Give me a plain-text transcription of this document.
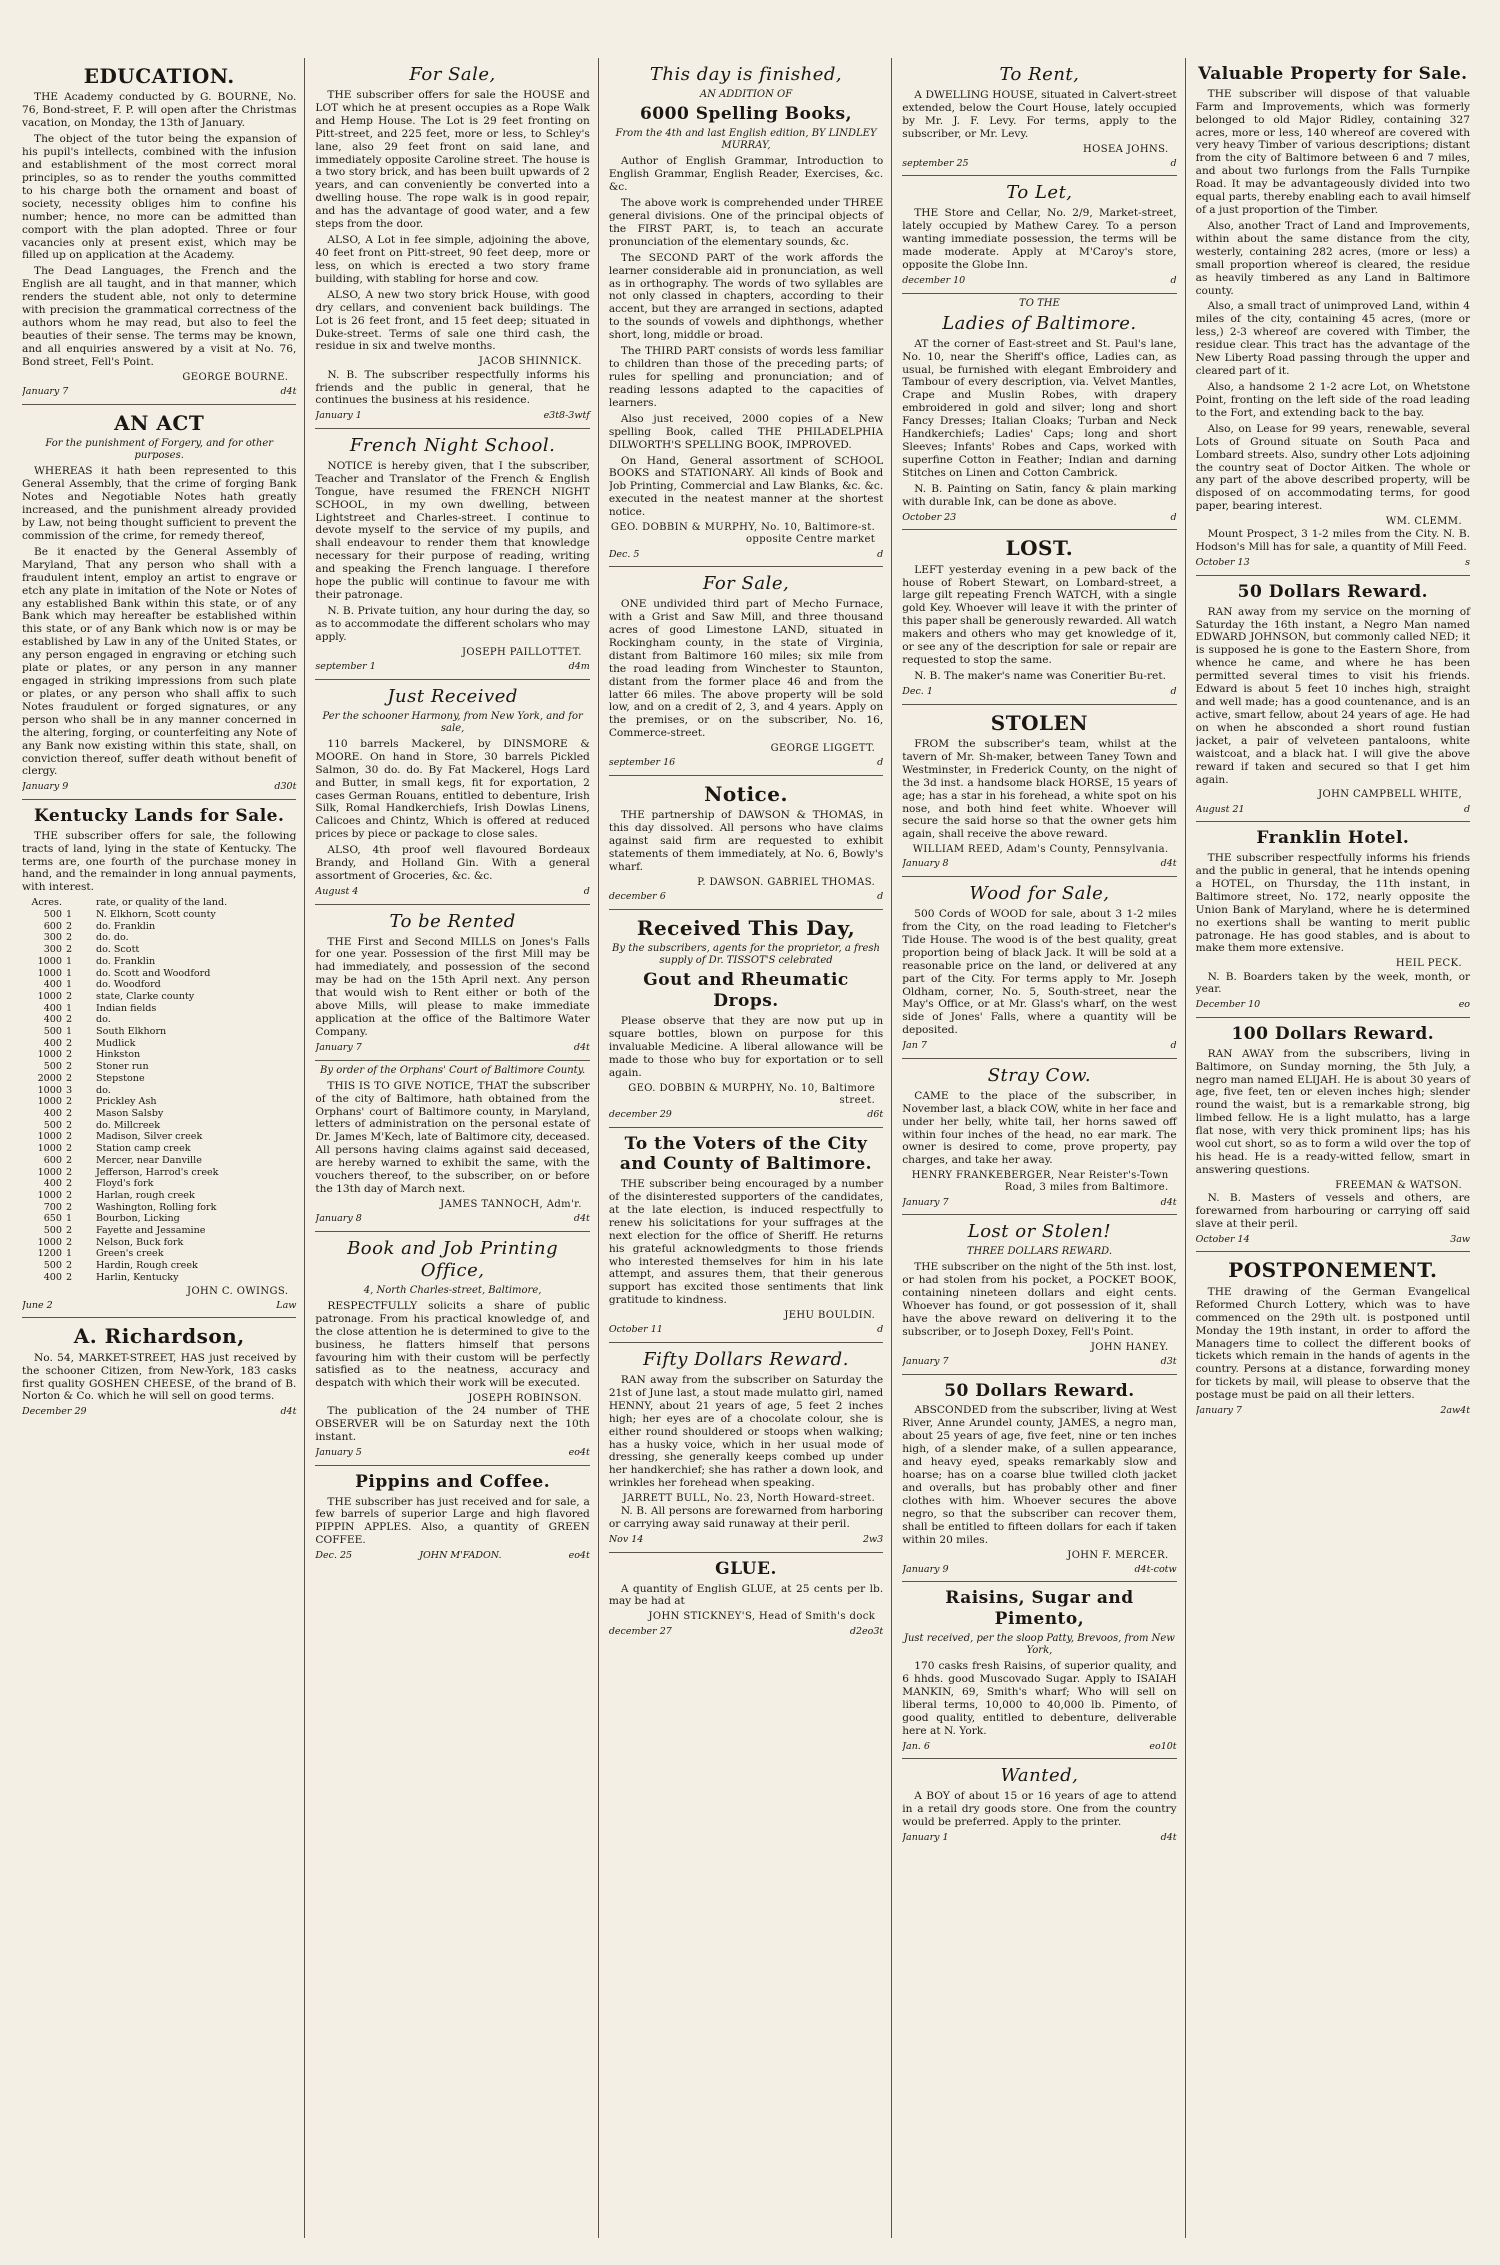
EDUCATION.

THE Academy conducted by G. BOURNE, No. 76, Bond-street, F. P. will open after the Christmas vacation, on Monday, the 13th of January.

The object of the tutor being the expansion of his pupil's intellects, combined with the infusion and establishment of the most correct moral principles, so as to render the youths committed to his charge both the ornament and boast of society, necessity obliges him to confine his number; hence, no more can be admitted than comport with the plan adopted. Three or four vacancies only at present exist, which may be filled up on application at the Academy.

The Dead Languages, the French and the English are all taught, and in that manner, which renders the student able, not only to determine with precision the grammatical correctness of the authors whom he may read, but also to feel the beauties of their sense. The terms may be known, and all enquiries answered by a visit at No. 76, Bond street, Fell's Point.

GEORGE BOURNE.
January 7	d4t
AN ACT
For the punishment of Forgery, and for other purposes.

WHEREAS it hath been represented to this General Assembly, that the crime of forging Bank Notes and Negotiable Notes hath greatly increased, and the punishment already provided by Law, not being thought sufficient to prevent the commission of the crime, for remedy thereof,

Be it enacted by the General Assembly of Maryland, That any person who shall with a fraudulent intent, employ an artist to engrave or etch any plate in imitation of the Note or Notes of any established Bank within this state, or of any Bank which may hereafter be established within this state, or of any Bank which now is or may be established by Law in any of the United States, or any person engaged in engraving or etching such plate or plates, or any person in any manner engaged in striking impressions from such plate or plates, or any person who shall affix to such Notes fraudulent or forged signatures, or any person who shall be in any manner concerned in the altering, forging, or counterfeiting any Note of any Bank now existing within this state, shall, on conviction thereof, suffer death without benefit of clergy.

January 9	d30t
Kentucky Lands for Sale.

THE subscriber offers for sale, the following tracts of land, lying in the state of Kentucky. The terms are, one fourth of the purchase money in hand, and the remainder in long annual payments, with interest.

Acres.		rate, or quality of the land.
500	1	N. Elkhorn, Scott county
600	2	do. Franklin
300	2	do. do.
300	2	do. Scott
1000	1	do. Franklin
1000	1	do. Scott and Woodford
400	1	do. Woodford
1000	2	state, Clarke county
400	1	Indian fields
400	2	do.
500	1	South Elkhorn
400	2	Mudlick
1000	2	Hinkston
500	2	Stoner run
2000	2	Stepstone
1000	3	do.
1000	2	Prickley Ash
400	2	Mason Salsby
500	2	do. Millcreek
1000	2	Madison, Silver creek
1000	2	Station camp creek
600	2	Mercer, near Danville
1000	2	Jefferson, Harrod's creek
400	2	Floyd's fork
1000	2	Harlan, rough creek
700	2	Washington, Rolling fork
650	1	Bourbon, Licking
500	2	Fayette and Jessamine
1000	2	Nelson, Buck fork
1200	1	Green's creek
500	2	Hardin, Rough creek
400	2	Harlin, Kentucky
JOHN C. OWINGS.
June 2	Law
A. Richardson,

No. 54, MARKET-STREET, HAS just received by the schooner Citizen, from New-York, 183 casks first quality GOSHEN CHEESE, of the brand of B. Norton & Co. which he will sell on good terms.

December 29	d4t
For Sale,

THE subscriber offers for sale the HOUSE and LOT which he at present occupies as a Rope Walk and Hemp House. The Lot is 29 feet fronting on Pitt-street, and 225 feet, more or less, to Schley's lane, also 29 feet front on said lane, and immediately opposite Caroline street. The house is a two story brick, and has been built upwards of 2 years, and can conveniently be converted into a dwelling house. The rope walk is in good repair, and has the advantage of good water, and a few steps from the door.

ALSO, A Lot in fee simple, adjoining the above, 40 feet front on Pitt-street, 90 feet deep, more or less, on which is erected a two story frame building, with stabling for horse and cow.

ALSO, A new two story brick House, with good dry cellars, and convenient back buildings. The Lot is 26 feet front, and 15 feet deep; situated in Duke-street. Terms of sale one third cash, the residue in six and twelve months.

JACOB SHINNICK.

N. B. The subscriber respectfully informs his friends and the public in general, that he continues the business at his residence.

January 1	e3t8-3wtf
French Night School.

NOTICE is hereby given, that I the subscriber, Teacher and Translator of the French & English Tongue, have resumed the FRENCH NIGHT SCHOOL, in my own dwelling, between Lightstreet and Charles-street. I continue to devote myself to the service of my pupils, and shall endeavour to render them that knowledge necessary for their purpose of reading, writing and speaking the French language. I therefore hope the public will continue to favour me with their patronage.

N. B. Private tuition, any hour during the day, so as to accommodate the different scholars who may apply.

JOSEPH PAILLOTTET.
september 1	d4m
Just Received
Per the schooner Harmony, from New York, and for sale,

110 barrels Mackerel, by DINSMORE & MOORE. On hand in Store, 30 barrels Pickled Salmon, 30 do. do. By Fat Mackerel, Hogs Lard and Butter, in small kegs, fit for exportation, 2 cases German Rouans, entitled to debenture, Irish Silk, Romal Handkerchiefs, Irish Dowlas Linens, Calicoes and Chintz, Which is offered at reduced prices by piece or package to close sales.

ALSO, 4th proof well flavoured Bordeaux Brandy, and Holland Gin. With a general assortment of Groceries, &c. &c.

August 4	d
To be Rented

THE First and Second MILLS on Jones's Falls for one year. Possession of the first Mill may be had immediately, and possession of the second may be had on the 15th April next. Any person that would wish to Rent either or both of the above Mills, will please to make immediate application at the office of the Baltimore Water Company.

January 7	d4t
By order of the Orphans' Court of Baltimore County.

THIS IS TO GIVE NOTICE, THAT the subscriber of the city of Baltimore, hath obtained from the Orphans' court of Baltimore county, in Maryland, letters of administration on the personal estate of Dr. James M'Kech, late of Baltimore city, deceased. All persons having claims against said deceased, are hereby warned to exhibit the same, with the vouchers thereof, to the subscriber, on or before the 13th day of March next.

JAMES TANNOCH, Adm'r.
January 8	d4t
Book and Job Printing Office,
4, North Charles-street, Baltimore,

RESPECTFULLY solicits a share of public patronage. From his practical knowledge of, and the close attention he is determined to give to the business, he flatters himself that persons favouring him with their custom will be perfectly satisfied as to the neatness, accuracy and despatch with which their work will be executed.

JOSEPH ROBINSON.

The publication of the 24 number of THE OBSERVER will be on Saturday next the 10th instant.

January 5	eo4t
Pippins and Coffee.

THE subscriber has just received and for sale, a few barrels of superior Large and high flavored PIPPIN APPLES. Also, a quantity of GREEN COFFEE.

Dec. 25	JOHN M'FADON.	eo4t
This day is finished,
AN ADDITION OF
6000 Spelling Books,
From the 4th and last English edition, BY LINDLEY MURRAY,

Author of English Grammar, Introduction to English Grammar, English Reader, Exercises, &c. &c.

The above work is comprehended under THREE general divisions. One of the principal objects of the FIRST PART, is, to teach an accurate pronunciation of the elementary sounds, &c.

The SECOND PART of the work affords the learner considerable aid in pronunciation, as well as in orthography. The words of two syllables are not only classed in chapters, according to their accent, but they are arranged in sections, adapted to the sounds of vowels and diphthongs, whether short, long, middle or broad.

The THIRD PART consists of words less familiar to children than those of the preceding parts; of rules for spelling and pronunciation; and of reading lessons adapted to the capacities of learners.

Also just received, 2000 copies of a New spelling Book, called THE PHILADELPHIA DILWORTH'S SPELLING BOOK, IMPROVED.

On Hand, General assortment of SCHOOL BOOKS and STATIONARY. All kinds of Book and Job Printing, Commercial and Law Blanks, &c. &c. executed in the neatest manner at the shortest notice.

GEO. DOBBIN & MURPHY, No. 10, Baltimore-st. opposite Centre market
Dec. 5	d
For Sale,

ONE undivided third part of Mecho Furnace, with a Grist and Saw Mill, and three thousand acres of good Limestone LAND, situated in Rockingham county, in the state of Virginia, distant from Baltimore 160 miles; six mile from the road leading from Winchester to Staunton, distant from the former place 46 and from the latter 66 miles. The above property will be sold low, and on a credit of 2, 3, and 4 years. Apply on the premises, or on the subscriber, No. 16, Commerce-street.

GEORGE LIGGETT.
september 16	d
Notice.

THE partnership of DAWSON & THOMAS, in this day dissolved. All persons who have claims against said firm are requested to exhibit statements of them immediately, at No. 6, Bowly's wharf.

P. DAWSON. GABRIEL THOMAS.
december 6	d
Received This Day,
By the subscribers, agents for the proprietor, a fresh supply of Dr. TISSOT'S celebrated
Gout and Rheumatic Drops.

Please observe that they are now put up in square bottles, blown on purpose for this invaluable Medicine. A liberal allowance will be made to those who buy for exportation or to sell again.

GEO. DOBBIN & MURPHY, No. 10, Baltimore street.
december 29	d6t
To the Voters of the City and County of Baltimore.

THE subscriber being encouraged by a number of the disinterested supporters of the candidates, at the late election, is induced respectfully to renew his solicitations for your suffrages at the next election for the office of Sheriff. He returns his grateful acknowledgments to those friends who interested themselves for him in his late attempt, and assures them, that their generous support has excited those sentiments that link gratitude to kindness.

JEHU BOULDIN.
October 11	d
Fifty Dollars Reward.

RAN away from the subscriber on Saturday the 21st of June last, a stout made mulatto girl, named HENNY, about 21 years of age, 5 feet 2 inches high; her eyes are of a chocolate colour, she is either round shouldered or stoops when walking; has a husky voice, which in her usual mode of dressing, she generally keeps combed up under her handkerchief; she has rather a down look, and wrinkles her forehead when speaking.

JARRETT BULL, No. 23, North Howard-street.

N. B. All persons are forewarned from harboring or carrying away said runaway at their peril.

Nov 14	2w3
GLUE.

A quantity of English GLUE, at 25 cents per lb. may be had at

JOHN STICKNEY'S, Head of Smith's dock
december 27	d2eo3t
To Rent,

A DWELLING HOUSE, situated in Calvert-street extended, below the Court House, lately occupied by Mr. J. F. Levy. For terms, apply to the subscriber, or Mr. Levy.

HOSEA JOHNS.
september 25	d
To Let,

THE Store and Cellar, No. 2/9, Market-street, lately occupied by Mathew Carey. To a person wanting immediate possession, the terms will be made moderate. Apply at M'Caroy's store, opposite the Globe Inn.

december 10	d
TO THE
Ladies of Baltimore.

AT the corner of East-street and St. Paul's lane, No. 10, near the Sheriff's office, Ladies can, as usual, be furnished with elegant Embroidery and Tambour of every description, via. Velvet Mantles, Crape and Muslin Robes, with drapery embroidered in gold and silver; long and short Fancy Dresses; Italian Cloaks; Turban and Neck Handkerchiefs; Ladies' Caps; long and short Sleeves; Infants' Robes and Caps, worked with superfine Cotton in Feather; Indian and darning Stitches on Linen and Cotton Cambrick.

N. B. Painting on Satin, fancy & plain marking with durable Ink, can be done as above.

October 23	d
LOST.

LEFT yesterday evening in a pew back of the house of Robert Stewart, on Lombard-street, a large gilt repeating French WATCH, with a single gold Key. Whoever will leave it with the printer of this paper shall be generously rewarded. All watch makers and others who may get knowledge of it, or see any of the description for sale or repair are requested to stop the same.

N. B. The maker's name was Coneritier Bu-ret.

Dec. 1	d
STOLEN

FROM the subscriber's team, whilst at the tavern of Mr. Sh-maker, between Taney Town and Westminster, in Frederick County, on the night of the 3d inst. a handsome black HORSE, 15 years of age; has a star in his forehead, a white spot on his nose, and both hind feet white. Whoever will secure the said horse so that the owner gets him again, shall receive the above reward.

WILLIAM REED, Adam's County, Pennsylvania.
January 8	d4t
Wood for Sale,

500 Cords of WOOD for sale, about 3 1-2 miles from the City, on the road leading to Fletcher's Tide House. The wood is of the best quality, great proportion being of black Jack. It will be sold at a reasonable price on the land, or delivered at any part of the City. For terms apply to Mr. Joseph Oldham, corner, No. 5, South-street, near the May's Office, or at Mr. Glass's wharf, on the west side of Jones' Falls, where a quantity will be deposited.

Jan 7	d
Stray Cow.

CAME to the place of the subscriber, in November last, a black COW, white in her face and under her belly, white tail, her horns sawed off within four inches of the head, no ear mark. The owner is desired to come, prove property, pay charges, and take her away.

HENRY FRANKEBERGER, Near Reister's-Town Road, 3 miles from Baltimore.
January 7	d4t
Lost or Stolen!
THREE DOLLARS REWARD.

THE subscriber on the night of the 5th inst. lost, or had stolen from his pocket, a POCKET BOOK, containing nineteen dollars and eight cents. Whoever has found, or got possession of it, shall have the above reward on delivering it to the subscriber, or to Joseph Doxey, Fell's Point.

JOHN HANEY.
January 7	d3t
50 Dollars Reward.

ABSCONDED from the subscriber, living at West River, Anne Arundel county, JAMES, a negro man, about 25 years of age, five feet, nine or ten inches high, of a slender make, of a sullen appearance, and heavy eyed, speaks remarkably slow and hoarse; has on a coarse blue twilled cloth jacket and overalls, but has probably other and finer clothes with him. Whoever secures the above negro, so that the subscriber can recover them, shall be entitled to fifteen dollars for each if taken within 20 miles.

JOHN F. MERCER.
January 9	d4t-cotw
Raisins, Sugar and Pimento,
Just received, per the sloop Patty, Brevoos, from New York,

170 casks fresh Raisins, of superior quality, and 6 hhds. good Muscovado Sugar. Apply to ISAIAH MANKIN, 69, Smith's wharf; Who will sell on liberal terms, 10,000 to 40,000 lb. Pimento, of good quality, entitled to debenture, deliverable here at N. York.

Jan. 6	eo10t
Wanted,

A BOY of about 15 or 16 years of age to attend in a retail dry goods store. One from the country would be preferred. Apply to the printer.

January 1	d4t
Valuable Property for Sale.

THE subscriber will dispose of that valuable Farm and Improvements, which was formerly belonged to old Major Ridley, containing 327 acres, more or less, 140 whereof are covered with very heavy Timber of various descriptions; distant from the city of Baltimore between 6 and 7 miles, and about two furlongs from the Falls Turnpike Road. It may be advantageously divided into two equal parts, thereby enabling each to avail himself of a just proportion of the Timber.

Also, another Tract of Land and Improvements, within about the same distance from the city, westerly, containing 282 acres, (more or less) a small proportion whereof is cleared, the residue as heavily timbered as any Land in Baltimore county.

Also, a small tract of unimproved Land, within 4 miles of the city, containing 45 acres, (more or less,) 2-3 whereof are covered with Timber, the residue clear. This tract has the advantage of the New Liberty Road passing through the upper and cleared part of it.

Also, a handsome 2 1-2 acre Lot, on Whetstone Point, fronting on the left side of the road leading to the Fort, and extending back to the bay.

Also, on Lease for 99 years, renewable, several Lots of Ground situate on South Paca and Lombard streets. Also, sundry other Lots adjoining the country seat of Doctor Aitken. The whole or any part of the above described property, will be disposed of on accommodating terms, for good paper, bearing interest.

WM. CLEMM.

Mount Prospect, 3 1-2 miles from the City. N. B. Hodson's Mill has for sale, a quantity of Mill Feed.

October 13	s
50 Dollars Reward.

RAN away from my service on the morning of Saturday the 16th instant, a Negro Man named EDWARD JOHNSON, but commonly called NED; it is supposed he is gone to the Eastern Shore, from whence he came, and where he has been permitted several times to visit his friends. Edward is about 5 feet 10 inches high, straight and well made; has a good countenance, and is an active, smart fellow, about 24 years of age. He had on when he absconded a short round fustian jacket, a pair of velveteen pantaloons, white waistcoat, and a black hat. I will give the above reward if taken and secured so that I get him again.

JOHN CAMPBELL WHITE,
August 21	d
Franklin Hotel.

THE subscriber respectfully informs his friends and the public in general, that he intends opening a HOTEL, on Thursday, the 11th instant, in Baltimore street, No. 172, nearly opposite the Union Bank of Maryland, where he is determined no exertions shall be wanting to merit public patronage. He has good stables, and is about to make them more extensive.

HEIL PECK.

N. B. Boarders taken by the week, month, or year.

December 10	eo
100 Dollars Reward.

RAN AWAY from the subscribers, living in Baltimore, on Sunday morning, the 5th July, a negro man named ELIJAH. He is about 30 years of age, five feet, ten or eleven inches high; slender round the waist, but is a remarkable strong, big limbed fellow. He is a light mulatto, has a large flat nose, with very thick prominent lips; has his wool cut short, so as to form a wild over the top of his head. He is a ready-witted fellow, smart in answering questions.

FREEMAN & WATSON.

N. B. Masters of vessels and others, are forewarned from harbouring or carrying off said slave at their peril.

October 14	3aw
POSTPONEMENT.

THE drawing of the German Evangelical Reformed Church Lottery, which was to have commenced on the 29th ult. is postponed until Monday the 19th instant, in order to afford the Managers time to collect the different books of tickets which remain in the hands of agents in the country. Persons at a distance, forwarding money for tickets by mail, will please to observe that the postage must be paid on all their letters.

January 7	2aw4t
